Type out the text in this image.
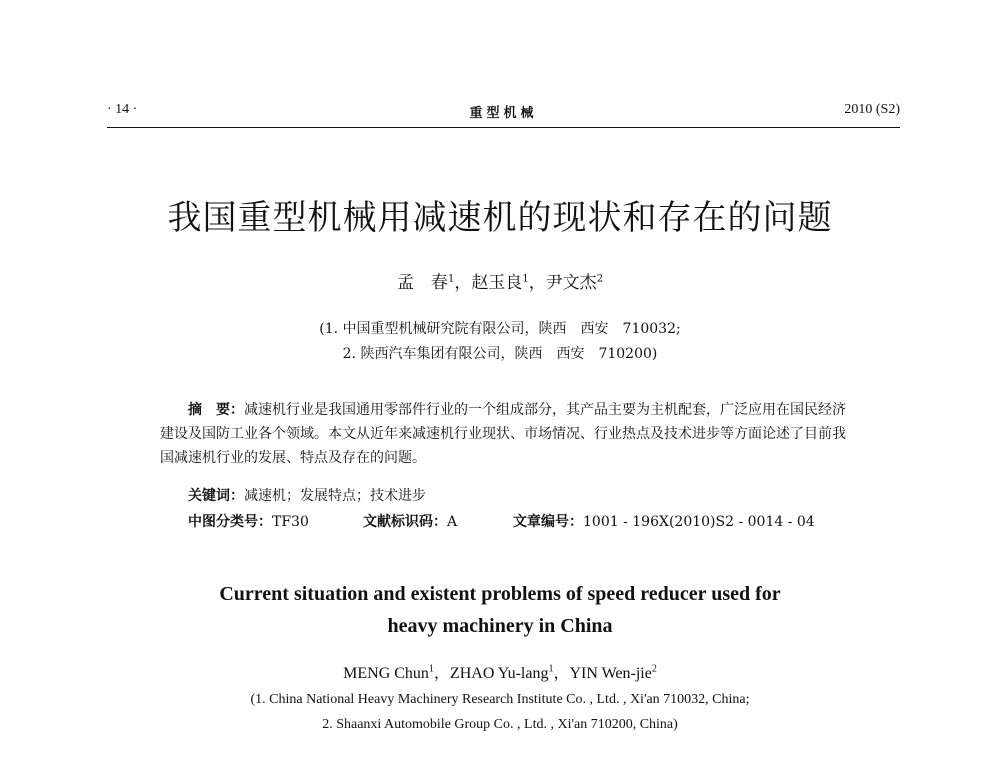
· 14 ·	重型机械	2010 (S2)
我国重型机械用减速机的现状和存在的问题
孟　春$^1$，赵玉良$^1$，尹文杰$^2$
(1. 中国重型机械研究院有限公司，陕西　西安　710032;
2. 陕西汽车集团有限公司，陕西　西安　710200)
摘　要：减速机行业是我国通用零部件行业的一个组成部分，其产品主要为主机配套，广泛应用在国民经济建设及国防工业各个领域。本文从近年来减速机行业现状、市场情况、行业热点及技术进步等方面论述了目前我国减速机行业的发展、特点及存在的问题。
关键词：减速机；发展特点；技术进步
中图分类号：TF30	文献标识码：A	文章编号：1001 - 196X(2010)S2 - 0014 - 04
Current situation and existent problems of speed reducer used for
heavy machinery in China
MENG Chun$^1$，ZHAO Yu-lang$^1$，YIN Wen-jie$^2$
(1. China National Heavy Machinery Research Institute Co. , Ltd. , Xi'an 710032, China;
2. Shaanxi Automobile Group Co. , Ltd. , Xi'an 710200, China)
